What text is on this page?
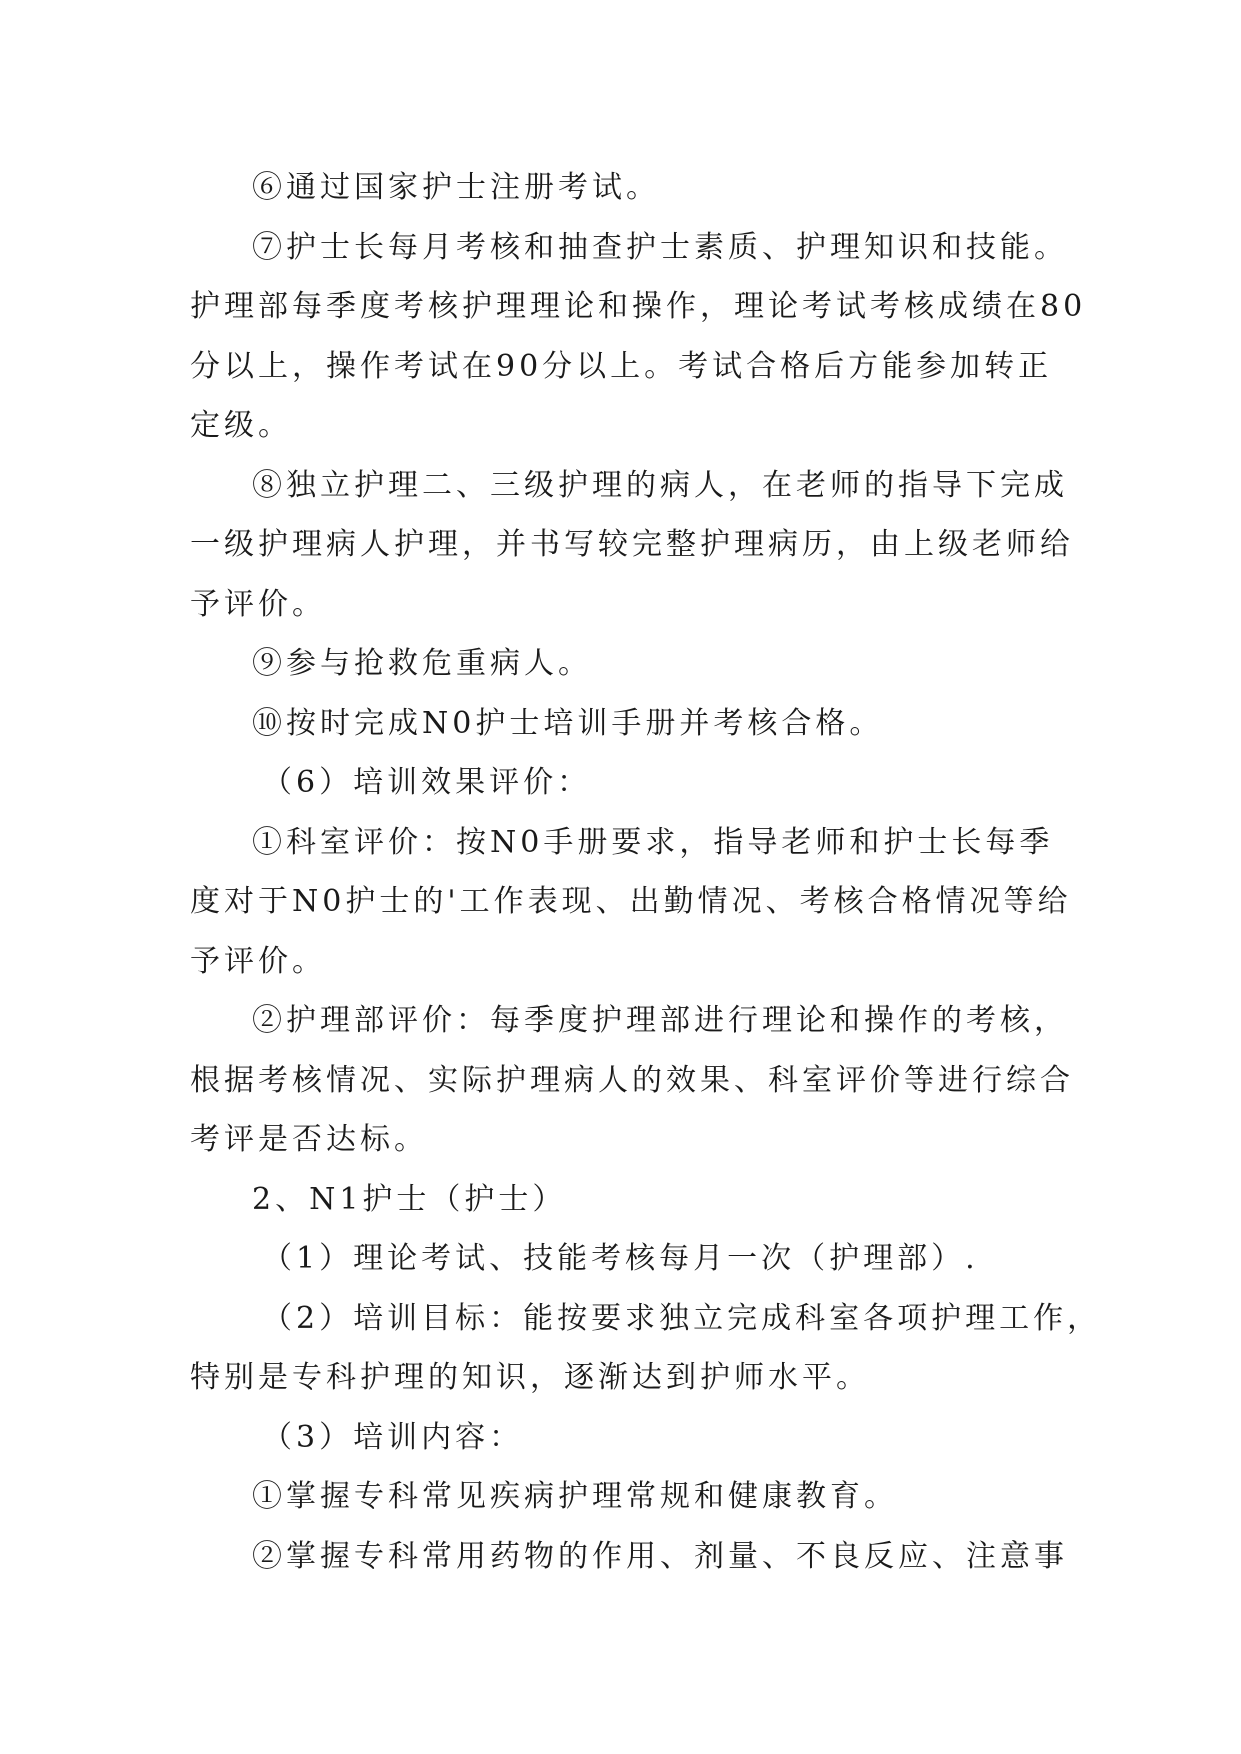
⑥通过国家护士注册考试。
⑦护士长每月考核和抽查护士素质、护理知识和技能。
护理部每季度考核护理理论和操作，理论考试考核成绩在80
分以上，操作考试在90分以上。考试合格后方能参加转正
定级。
⑧独立护理二、三级护理的病人，在老师的指导下完成
一级护理病人护理，并书写较完整护理病历，由上级老师给
予评价。
⑨参与抢救危重病人。
⑩按时完成N0护士培训手册并考核合格。
（6）培训效果评价：
①科室评价：按N0手册要求，指导老师和护士长每季
度对于N0护士的'工作表现、出勤情况、考核合格情况等给
予评价。
②护理部评价：每季度护理部进行理论和操作的考核，
根据考核情况、实际护理病人的效果、科室评价等进行综合
考评是否达标。
2、N1护士（护士）
（1）理论考试、技能考核每月一次（护理部）.
（2）培训目标：能按要求独立完成科室各项护理工作，
特别是专科护理的知识，逐渐达到护师水平。
（3）培训内容：
①掌握专科常见疾病护理常规和健康教育。
②掌握专科常用药物的作用、剂量、不良反应、注意事
